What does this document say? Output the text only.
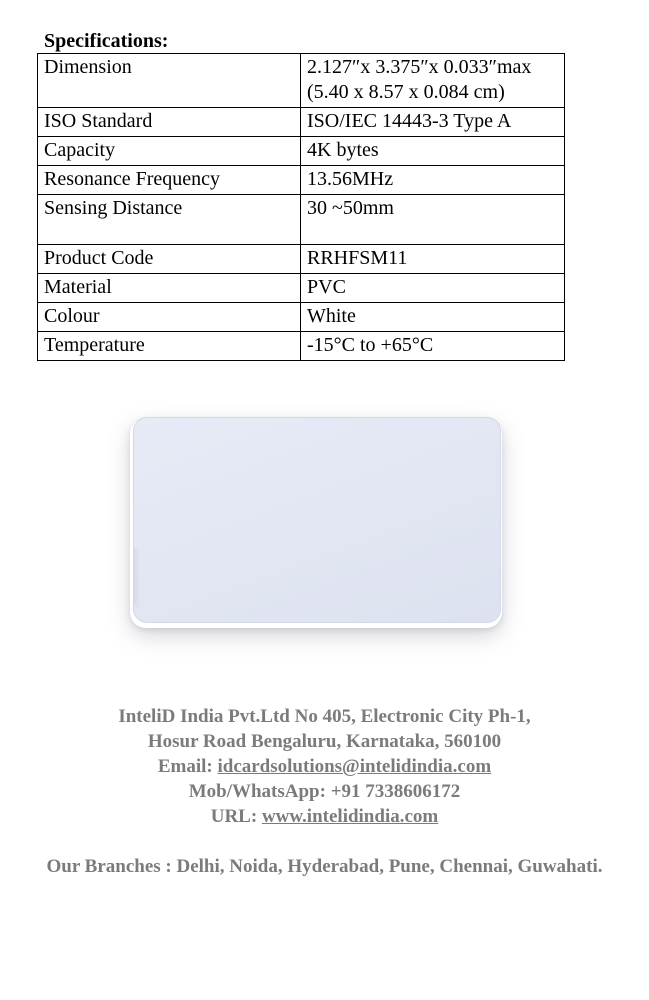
Specifications:
Dimension	2.127″x 3.375″x 0.033″max
(5.40 x 8.57 x 0.084 cm)
ISO Standard	ISO/IEC 14443-3 Type A
Capacity	4K bytes
Resonance Frequency	13.56MHz
Sensing Distance	30 ~50mm
Product Code	RRHFSM11
Material	PVC
Colour	White
Temperature	-15°C to +65°C
InteliD India Pvt.Ltd No 405, Electronic City Ph-1,
Hosur Road Bengaluru, Karnataka, 560100
Email: idcardsolutions@intelidindia.com
Mob/WhatsApp: +91 7338606172
URL: www.intelidindia.com
Our Branches : Delhi, Noida, Hyderabad, Pune, Chennai, Guwahati.
